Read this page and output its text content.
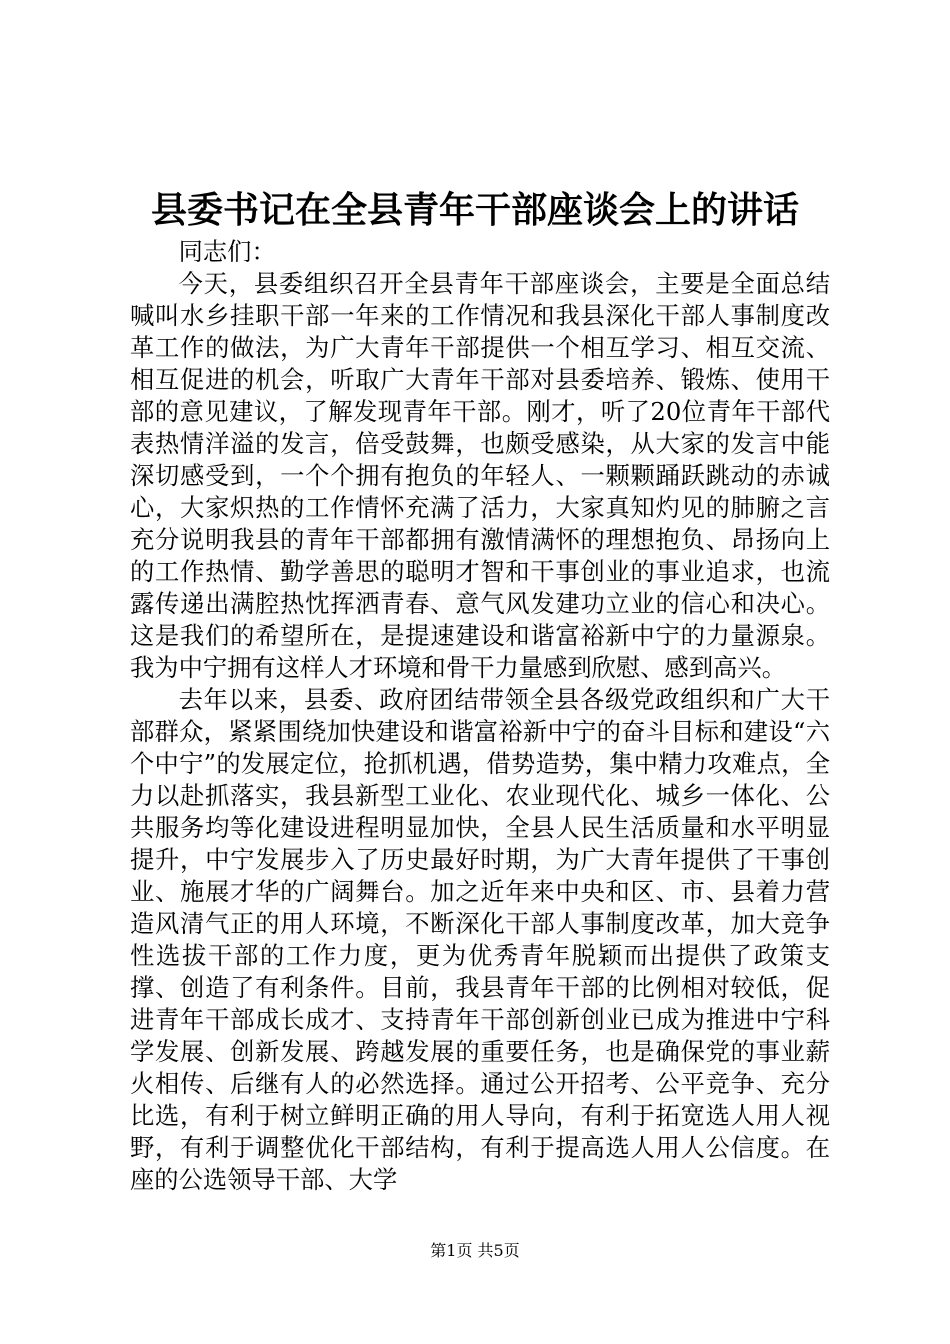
县委书记在全县青年干部座谈会上的讲话

同志们：

今天，县委组织召开全县青年干部座谈会，主要是全面总结喊叫水乡挂职干部一年来的工作情况和我县深化干部人事制度改革工作的做法，为广大青年干部提供一个相互学习、相互交流、相互促进的机会，听取广大青年干部对县委培养、锻炼、使用干部的意见建议，了解发现青年干部。刚才，听了20位青年干部代表热情洋溢的发言，倍受鼓舞，也颇受感染，从大家的发言中能深切感受到，一个个拥有抱负的年轻人、一颗颗踊跃跳动的赤诚心，大家炽热的工作情怀充满了活力，大家真知灼见的肺腑之言充分说明我县的青年干部都拥有激情满怀的理想抱负、昂扬向上的工作热情、勤学善思的聪明才智和干事创业的事业追求，也流露传递出满腔热忱挥洒青春、意气风发建功立业的信心和决心。这是我们的希望所在，是提速建设和谐富裕新中宁的力量源泉。我为中宁拥有这样人才环境和骨干力量感到欣慰、感到高兴。

去年以来，县委、政府团结带领全县各级党政组织和广大干部群众，紧紧围绕加快建设和谐富裕新中宁的奋斗目标和建设“六个中宁”的发展定位，抢抓机遇，借势造势，集中精力攻难点，全力以赴抓落实，我县新型工业化、农业现代化、城乡一体化、公共服务均等化建设进程明显加快，全县人民生活质量和水平明显提升，中宁发展步入了历史最好时期，为广大青年提供了干事创业、施展才华的广阔舞台。加之近年来中央和区、市、县着力营造风清气正的用人环境，不断深化干部人事制度改革，加大竞争性选拔干部的工作力度，更为优秀青年脱颖而出提供了政策支撑、创造了有利条件。目前，我县青年干部的比例相对较低，促进青年干部成长成才、支持青年干部创新创业已成为推进中宁科学发展、创新发展、跨越发展的重要任务，也是确保党的事业薪火相传、后继有人的必然选择。通过公开招考、公平竞争、充分比选，有利于树立鲜明正确的用人导向，有利于拓宽选人用人视野，有利于调整优化干部结构，有利于提高选人用人公信度。在座的公选领导干部、大学

第1页 共5页
